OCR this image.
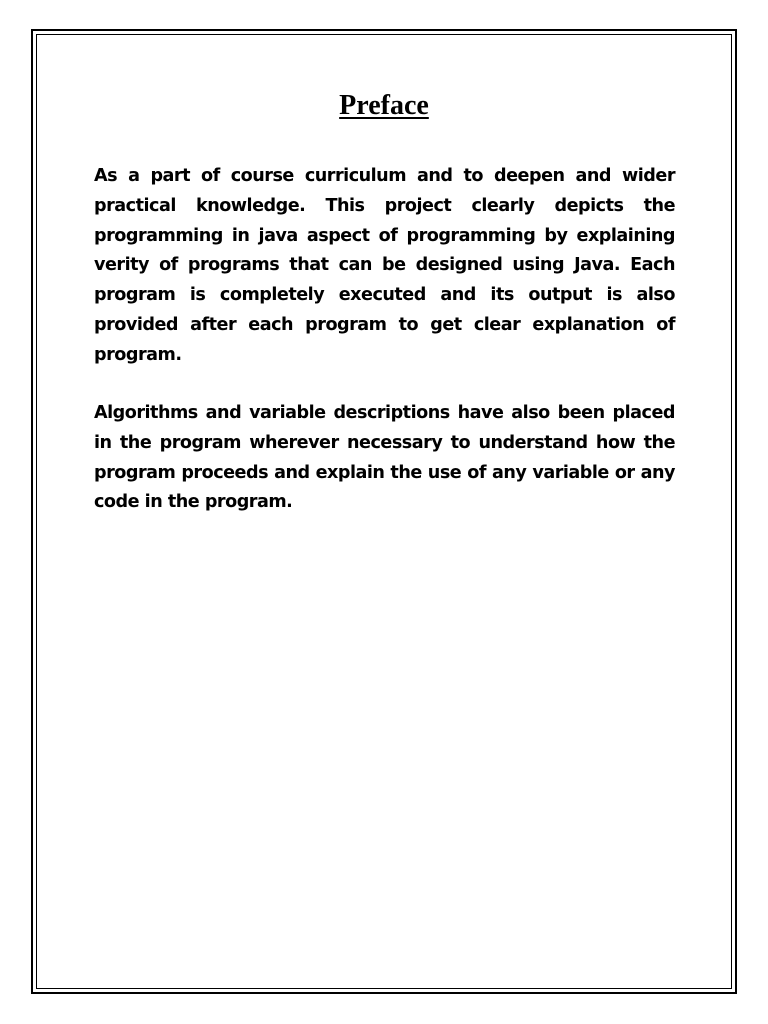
Preface

As a part of course curriculum and to deepen and wider practical knowledge. This project clearly depicts the programming in java aspect of programming by explaining verity of programs that can be designed using Java. Each program is completely executed and its output is also provided after each program to get clear explanation of program.

Algorithms and variable descriptions have also been placed in the program wherever necessary to understand how the program proceeds and explain the use of any variable or any code in the program.
